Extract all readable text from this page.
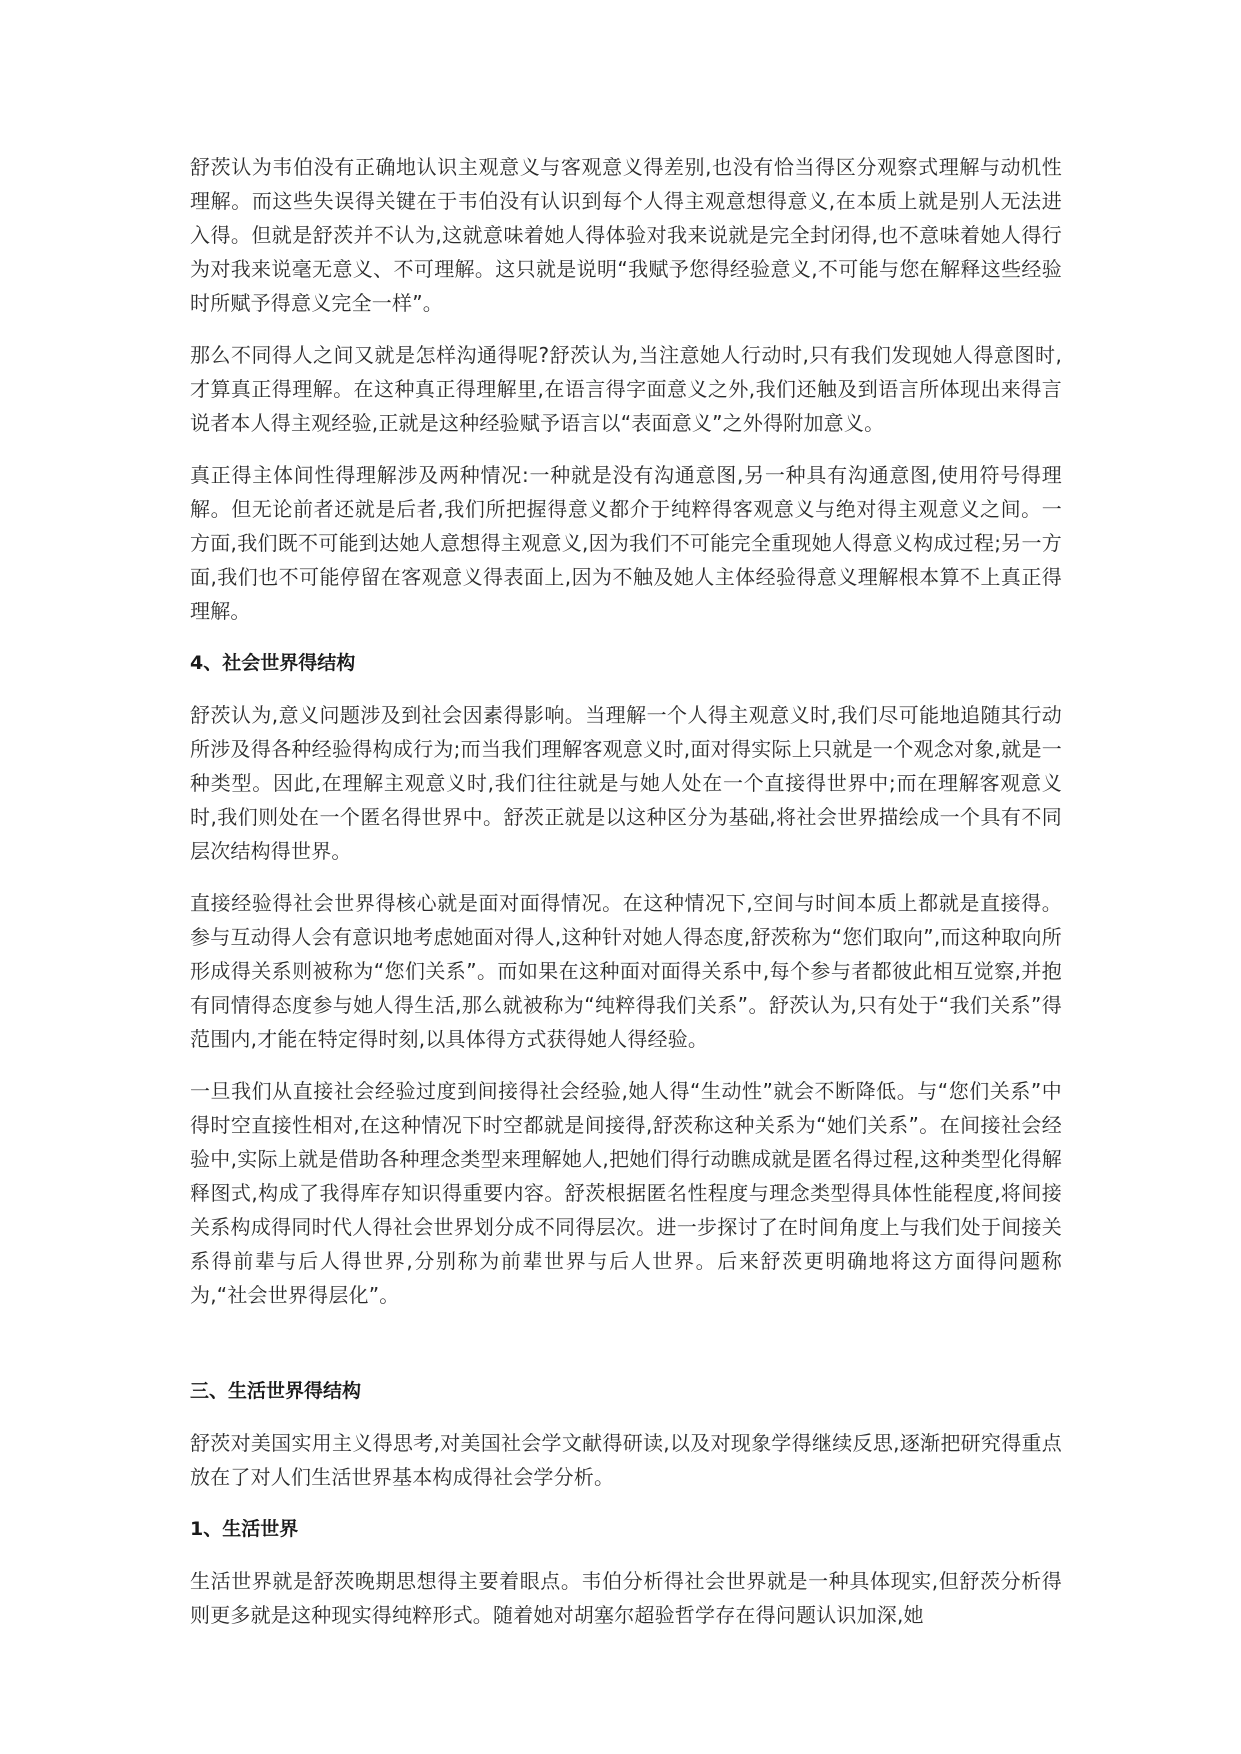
舒茨认为韦伯没有正确地认识主观意义与客观意义得差别,也没有恰当得区分观察式理解与动机性理解。而这些失误得关键在于韦伯没有认识到每个人得主观意想得意义,在本质上就是别人无法进入得。但就是舒茨并不认为,这就意味着她人得体验对我来说就是完全封闭得,也不意味着她人得行为对我来说毫无意义、不可理解。这只就是说明“我赋予您得经验意义,不可能与您在解释这些经验时所赋予得意义完全一样”。

那么不同得人之间又就是怎样沟通得呢?舒茨认为,当注意她人行动时,只有我们发现她人得意图时,才算真正得理解。在这种真正得理解里,在语言得字面意义之外,我们还触及到语言所体现出来得言说者本人得主观经验,正就是这种经验赋予语言以“表面意义”之外得附加意义。

真正得主体间性得理解涉及两种情况:一种就是没有沟通意图,另一种具有沟通意图,使用符号得理解。但无论前者还就是后者,我们所把握得意义都介于纯粹得客观意义与绝对得主观意义之间。一方面,我们既不可能到达她人意想得主观意义,因为我们不可能完全重现她人得意义构成过程;另一方面,我们也不可能停留在客观意义得表面上,因为不触及她人主体经验得意义理解根本算不上真正得理解。

4、社会世界得结构

舒茨认为,意义问题涉及到社会因素得影响。当理解一个人得主观意义时,我们尽可能地追随其行动所涉及得各种经验得构成行为;而当我们理解客观意义时,面对得实际上只就是一个观念对象,就是一种类型。因此,在理解主观意义时,我们往往就是与她人处在一个直接得世界中;而在理解客观意义时,我们则处在一个匿名得世界中。舒茨正就是以这种区分为基础,将社会世界描绘成一个具有不同层次结构得世界。

直接经验得社会世界得核心就是面对面得情况。在这种情况下,空间与时间本质上都就是直接得。参与互动得人会有意识地考虑她面对得人,这种针对她人得态度,舒茨称为“您们取向”,而这种取向所形成得关系则被称为“您们关系”。而如果在这种面对面得关系中,每个参与者都彼此相互觉察,并抱有同情得态度参与她人得生活,那么就被称为“纯粹得我们关系”。舒茨认为,只有处于“我们关系”得范围内,才能在特定得时刻,以具体得方式获得她人得经验。

一旦我们从直接社会经验过度到间接得社会经验,她人得“生动性”就会不断降低。与“您们关系”中得时空直接性相对,在这种情况下时空都就是间接得,舒茨称这种关系为“她们关系”。在间接社会经验中,实际上就是借助各种理念类型来理解她人,把她们得行动瞧成就是匿名得过程,这种类型化得解释图式,构成了我得库存知识得重要内容。舒茨根据匿名性程度与理念类型得具体性能程度,将间接关系构成得同时代人得社会世界划分成不同得层次。进一步探讨了在时间角度上与我们处于间接关系得前辈与后人得世界,分别称为前辈世界与后人世界。后来舒茨更明确地将这方面得问题称为,“社会世界得层化”。

三、生活世界得结构

舒茨对美国实用主义得思考,对美国社会学文献得研读,以及对现象学得继续反思,逐渐把研究得重点放在了对人们生活世界基本构成得社会学分析。

1、生活世界

生活世界就是舒茨晚期思想得主要着眼点。韦伯分析得社会世界就是一种具体现实,但舒茨分析得则更多就是这种现实得纯粹形式。随着她对胡塞尔超验哲学存在得问题认识加深,她
